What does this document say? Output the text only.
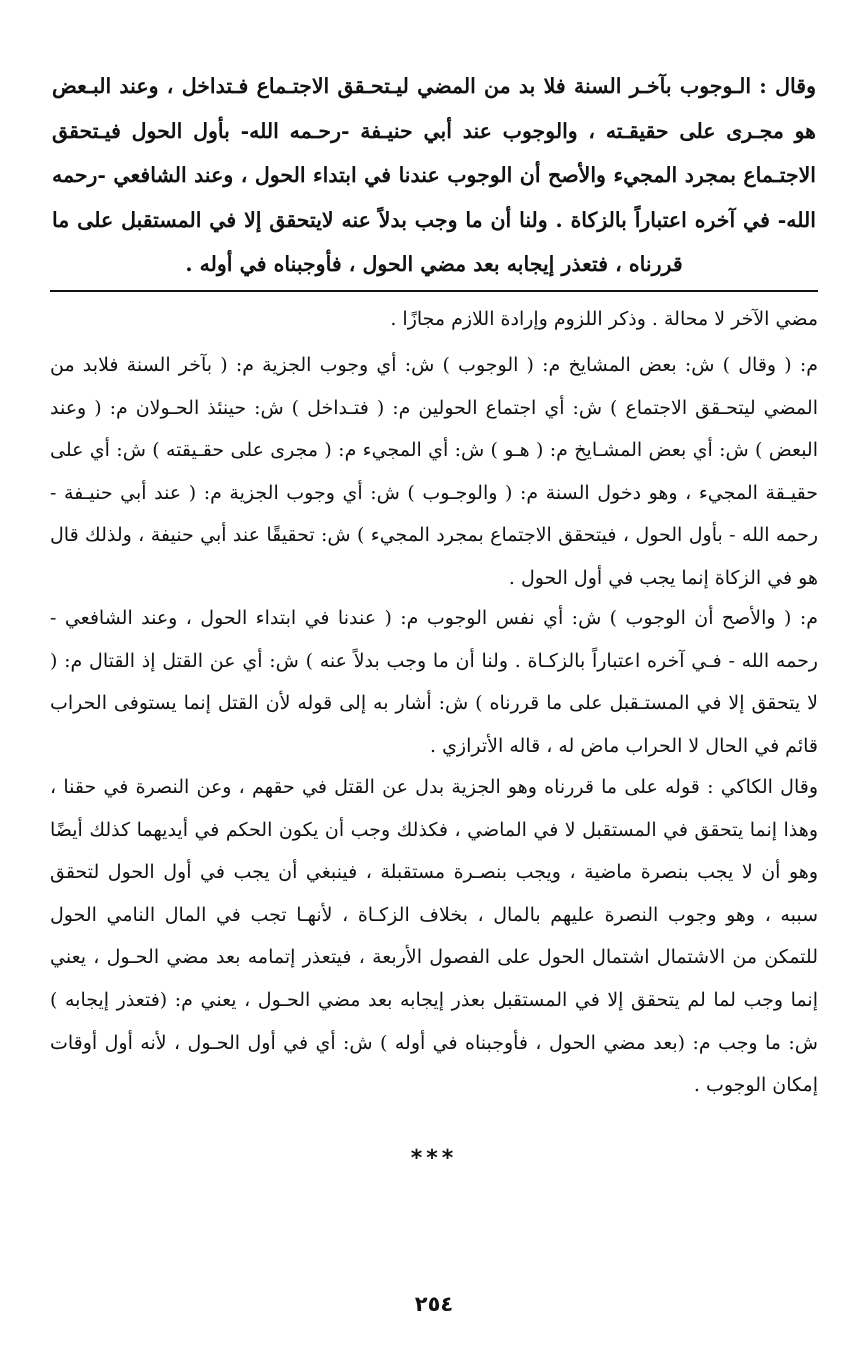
وقال : الـوجوب بآخـر السنة فلا بد من المضي ليـتحـقق الاجتـماع فـتداخل ، وعند البـعض هو مجـرى على حقيقـته ، والوجوب عند أبي حنيـفة -رحـمه الله- بأول الحول فيـتحقق الاجتـماع بمجرد المجيء والأصح أن الوجوب عندنا في ابتداء الحول ، وعند الشافعي -رحمه الله- في آخره اعتباراً بالزكاة . ولنا أن ما وجب بدلاً عنه لايتحقق إلا في المستقبل على ما قررناه ، فتعذر إيجابه بعد مضي الحول ، فأوجبناه في أوله .

مضي الآخر لا محالة . وذكر اللزوم وإرادة اللازم مجازًا .

م: ( وقال ) ش: بعض المشايخ م: ( الوجوب ) ش: أي وجوب الجزية م: ( بآخر السنة فلابد من المضي ليتحـقق الاجتماع ) ش: أي اجتماع الحولين م: ( فتـداخل ) ش: حينئذ الحـولان م: ( وعند البعض ) ش: أي بعض المشـايخ م: ( هـو ) ش: أي المجيء م: ( مجرى على حقـيقته ) ش: أي على حقيـقة المجيء ، وهو دخول السنة م: ( والوجـوب ) ش: أي وجوب الجزية م: ( عند أبي حنيـفة - رحمه الله - بأول الحول ، فيتحقق الاجتماع بمجرد المجيء ) ش: تحقيقًا عند أبي حنيفة ، ولذلك قال هو في الزكاة إنما يجب في أول الحول .

م: ( والأصح أن الوجوب ) ش: أي نفس الوجوب م: ( عندنا في ابتداء الحول ، وعند الشافعي - رحمه الله - فـي آخره اعتباراً بالزكـاة . ولنا أن ما وجب بدلاً عنه ) ش: أي عن القتل إذ القتال م: ( لا يتحقق إلا في المستـقبل على ما قررناه ) ش: أشار به إلى قوله لأن القتل إنما يستوفى الحراب قائم في الحال لا الحراب ماض له ، قاله الأترازي .

وقال الكاكي : قوله على ما قررناه وهو الجزية بدل عن القتل في حقهم ، وعن النصرة في حقنا ، وهذا إنما يتحقق في المستقبل لا في الماضي ، فكذلك وجب أن يكون الحكم في أيديهما كذلك أيضًا وهو أن لا يجب بنصرة ماضية ، ويجب بنصـرة مستقبلة ، فينبغي أن يجب في أول الحول لتحقق سببه ، وهو وجوب النصرة عليهم بالمال ، بخلاف الزكـاة ، لأنهـا تجب في المال النامي الحول للتمكن من الاشتمال اشتمال الحول على الفصول الأربعة ، فيتعذر إتمامه بعد مضي الحـول ، يعني إنما وجب لما لم يتحقق إلا في المستقبل بعذر إيجابه بعد مضي الحـول ، يعني م: (فتعذر إيجابه ) ش: ما وجب م: (بعد مضي الحول ، فأوجبناه في أوله ) ش: أي في أول الحـول ، لأنه أول أوقات إمكان الوجوب .

***
٢٥٤
